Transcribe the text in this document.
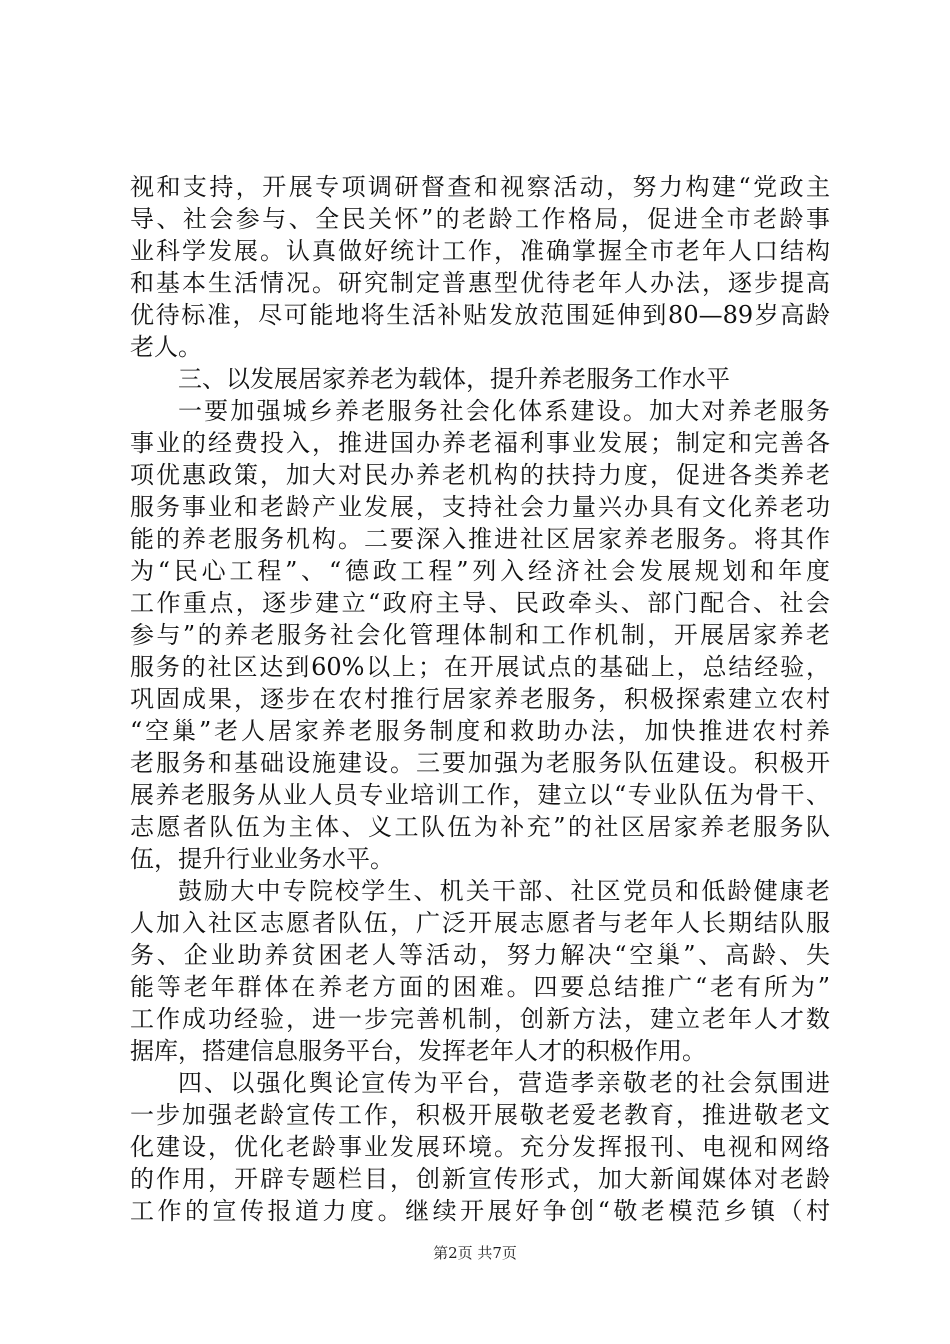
视和支持，开展专项调研督查和视察活动，努力构建“党政主
导、社会参与、全民关怀”的老龄工作格局，促进全市老龄事
业科学发展。认真做好统计工作，准确掌握全市老年人口结构
和基本生活情况。研究制定普惠型优待老年人办法，逐步提高
优待标准，尽可能地将生活补贴发放范围延伸到80—89岁高龄
老人。
三、以发展居家养老为载体，提升养老服务工作水平
一要加强城乡养老服务社会化体系建设。加大对养老服务
事业的经费投入，推进国办养老福利事业发展；制定和完善各
项优惠政策，加大对民办养老机构的扶持力度，促进各类养老
服务事业和老龄产业发展，支持社会力量兴办具有文化养老功
能的养老服务机构。二要深入推进社区居家养老服务。将其作
为“民心工程”、“德政工程”列入经济社会发展规划和年度
工作重点，逐步建立“政府主导、民政牵头、部门配合、社会
参与”的养老服务社会化管理体制和工作机制，开展居家养老
服务的社区达到60%以上；在开展试点的基础上，总结经验，
巩固成果，逐步在农村推行居家养老服务，积极探索建立农村
“空巢”老人居家养老服务制度和救助办法，加快推进农村养
老服务和基础设施建设。三要加强为老服务队伍建设。积极开
展养老服务从业人员专业培训工作，建立以“专业队伍为骨干、
志愿者队伍为主体、义工队伍为补充”的社区居家养老服务队
伍，提升行业业务水平。
鼓励大中专院校学生、机关干部、社区党员和低龄健康老
人加入社区志愿者队伍，广泛开展志愿者与老年人长期结队服
务、企业助养贫困老人等活动，努力解决“空巢”、高龄、失
能等老年群体在养老方面的困难。四要总结推广“老有所为”
工作成功经验，进一步完善机制，创新方法，建立老年人才数
据库，搭建信息服务平台，发挥老年人才的积极作用。
四、以强化舆论宣传为平台，营造孝亲敬老的社会氛围进
一步加强老龄宣传工作，积极开展敬老爱老教育，推进敬老文
化建设，优化老龄事业发展环境。充分发挥报刊、电视和网络
的作用，开辟专题栏目，创新宣传形式，加大新闻媒体对老龄
工作的宣传报道力度。继续开展好争创“敬老模范乡镇（村
第2页 共7页
